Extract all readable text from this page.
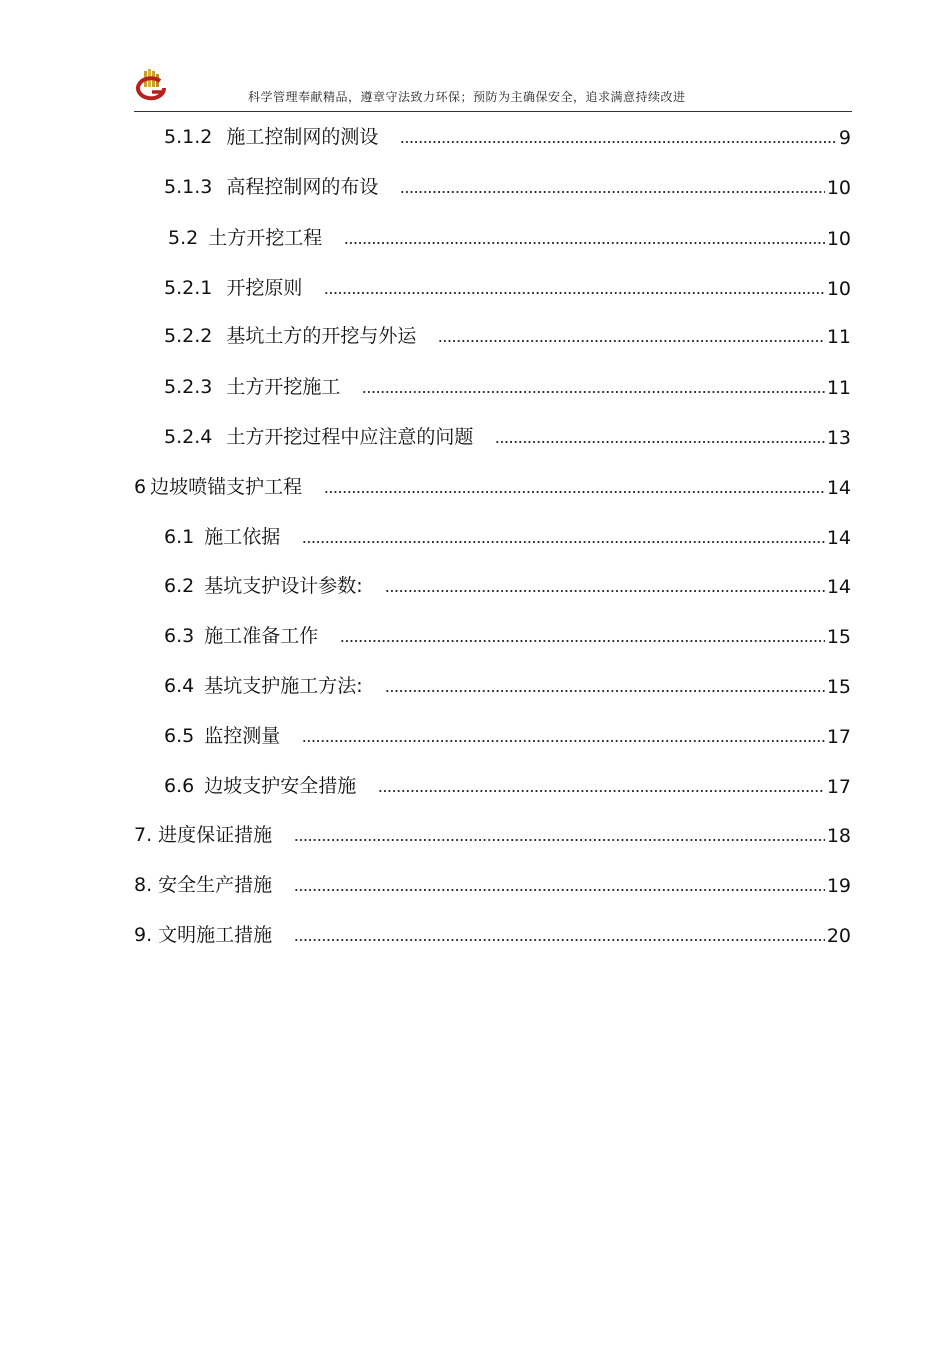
科学管理奉献精品，遵章守法致力环保；预防为主确保安全，追求满意持续改进
5.1.2 施工控制网的测设	9
5.1.3 高程控制网的布设	10
5.2 土方开挖工程	10
5.2.1 开挖原则	10
5.2.2 基坑土方的开挖与外运	11
5.2.3 土方开挖施工	11
5.2.4 土方开挖过程中应注意的问题	13
6 边坡喷锚支护工程	14
6.1 施工依据	14
6.2 基坑支护设计参数:	14
6.3 施工准备工作	15
6.4 基坑支护施工方法:	15
6.5 监控测量	17
6.6 边坡支护安全措施	17
7. 进度保证措施	18
8. 安全生产措施	19
9. 文明施工措施	20
